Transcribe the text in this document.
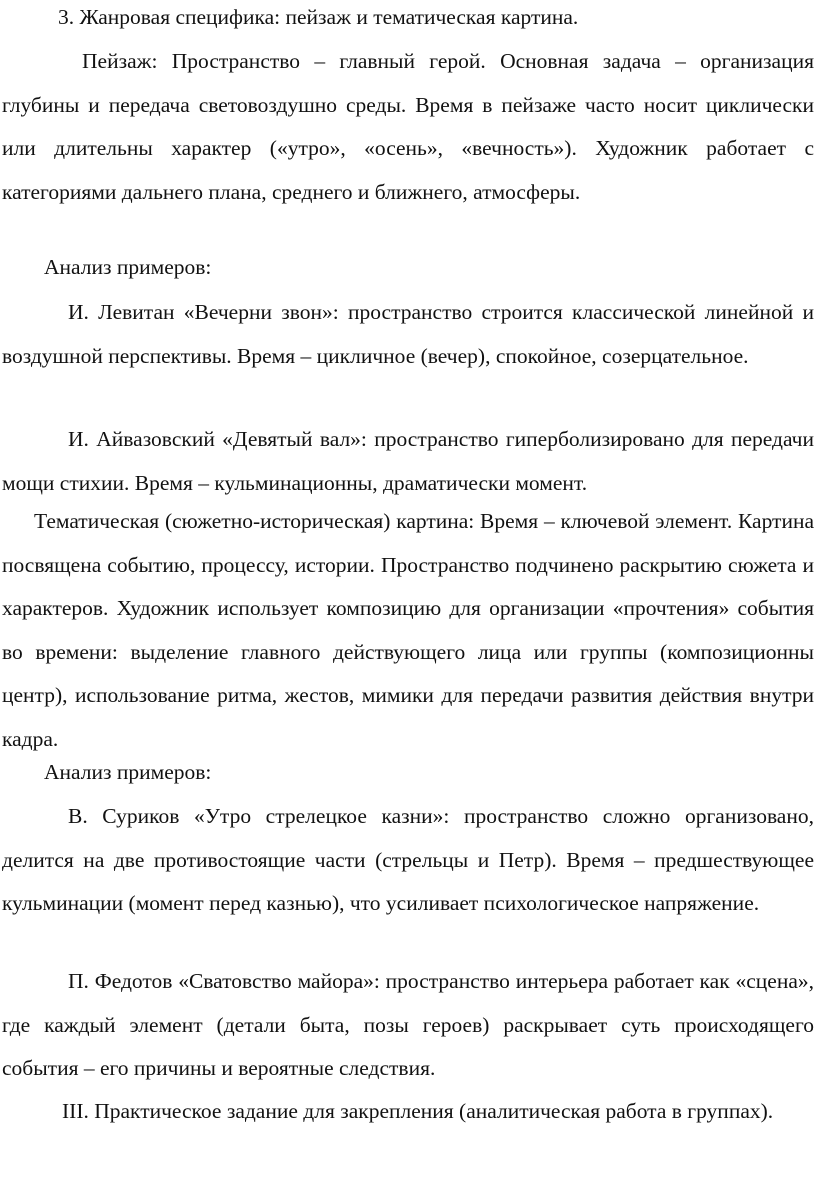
3. Жанровая специфика: пейзаж и тематическая картина.

Пейзаж: Пространство – главный герой. Основная задача – организация глубины и передача световоздушно среды. Время в пейзаже часто носит циклически или длительны характер («утро», «осень», «вечность»). Художник работает с категориями дальнего плана, среднего и ближнего, атмосферы.

Анализ примеров:

И. Левитан «Вечерни звон»: пространство строится классической линейной и воздушной перспективы. Время – цикличное (вечер), спокойное, созерцательное.

И. Айвазовский «Девятый вал»: пространство гиперболизировано для передачи мощи стихии. Время – кульминационны, драматически момент.

Тематическая (сюжетно-историческая) картина: Время – ключевой элемент. Картина посвящена событию, процессу, истории. Пространство подчинено раскрытию сюжета и характеров. Художник использует композицию для организации «прочтения» события во времени: выделение главного действующего лица или группы (композиционны центр), использование ритма, жестов, мимики для передачи развития действия внутри кадра.

Анализ примеров:

В. Суриков «Утро стрелецкое казни»: пространство сложно организовано, делится на две противостоящие части (стрельцы и Петр). Время – предшествующее кульминации (момент перед казнью), что усиливает психологическое напряжение.

П. Федотов «Сватовство майора»: пространство интерьера работает как «сцена», где каждый элемент (детали быта, позы героев) раскрывает суть происходящего события – его причины и вероятные следствия.

III. Практическое задание для закрепления (аналитическая работа в группах).
